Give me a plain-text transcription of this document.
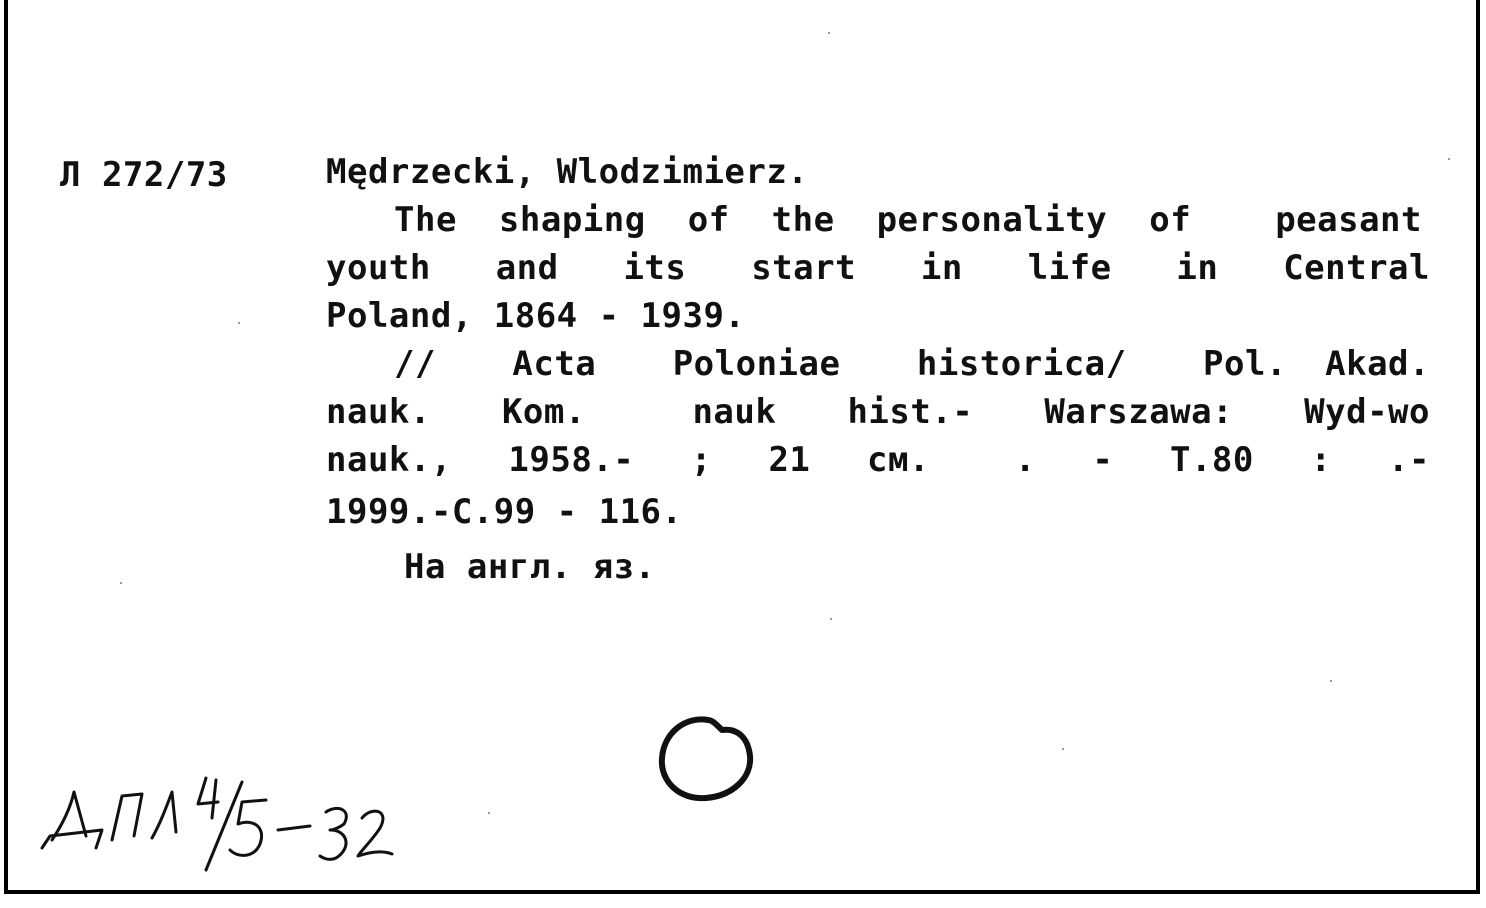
Л 272/73	Mędrzecki, Wlodzimierz.
The shaping of the personality of  peasant
youth  and  its  start  in  life  in  Central
Poland, 1864 - 1939.
//  Acta  Poloniae  historica/  Pol. Akad.
nauk.  Kom.   nauk  hist.-  Warszawa:  Wyd-wo
nauk.,  1958.-  ;  21  см.   .  -  Т.80  :  .-
1999.-С.99 - 116.
На англ. яз.
